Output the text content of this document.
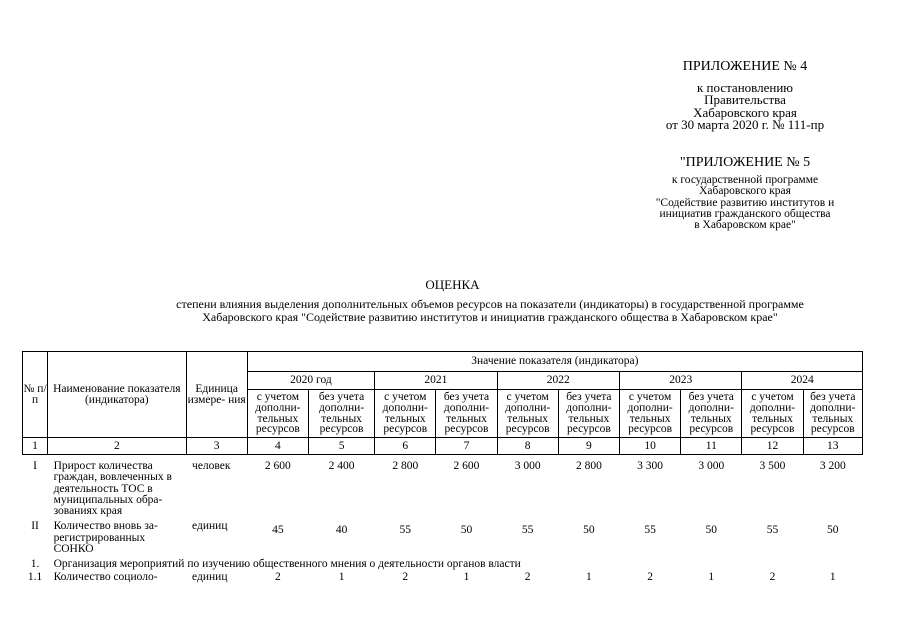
ПРИЛОЖЕНИЕ № 4
к постановлению
Правительства
Хабаровского края
от 30 марта 2020 г. № 111-пр
"ПРИЛОЖЕНИЕ № 5
к государственной программе
Хабаровского края
"Содействие развитию институтов и
инициатив гражданского общества
в Хабаровском крае"
ОЦЕНКА
степени влияния выделения дополнительных объемов ресурсов на показатели (индикаторы) в государственной программе
Хабаровского края "Содействие развитию институтов и инициатив гражданского общества в Хабаровском крае"
№ п/п	Наименование показателя (индикатора)	Единица измере- ния	Значение показателя (индикатора)									
			2020 год		2021		2022		2023		2024	
			с учетом дополни- тельных ресурсов	без учета дополни- тельных ресурсов	с учетом дополни- тельных ресурсов	без учета дополни- тельных ресурсов	с учетом дополни- тельных ресурсов	без учета дополни- тельных ресурсов	с учетом дополни- тельных ресурсов	без учета дополни- тельных ресурсов	с учетом дополни- тельных ресурсов	без учета дополни- тельных ресурсов
1	2	3	4	5	6	7	8	9	10	11	12	13
I	Прирост количества граждан, вовлеченных в деятельность ТОС в муниципальных обра- зованиях края	человек	2 600	2 400	2 800	2 600	3 000	2 800	3 300	3 000	3 500	3 200
II	Количество вновь за- регистрированных СОНКО	единиц	45	40	55	50	55	50	55	50	55	50
1.	Организация мероприятий по изучению общественного мнения о деятельности органов власти											
1.1	Количество социоло-	единиц	2	1	2	1	2	1	2	1	2	1
